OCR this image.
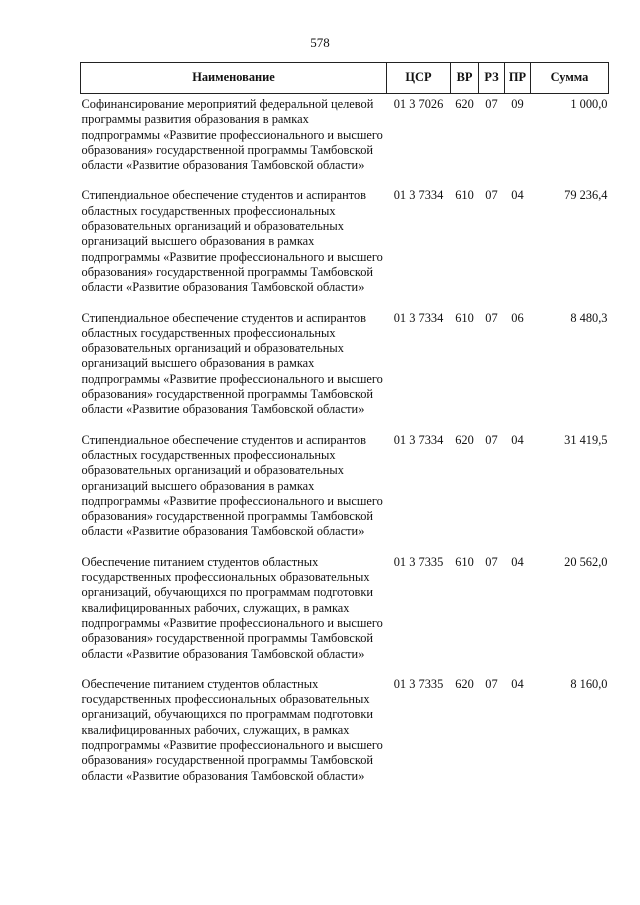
578
Наименование	ЦСР	ВР	РЗ	ПР	Сумма
Софинансирование мероприятий федеральной целевой программы развития образования в рамках подпрограммы «Развитие профессионального и высшего образования» государственной программы Тамбовской области «Развитие образования Тамбовской области»	01 3 7026	620	07	09	1 000,0
Стипендиальное обеспечение студентов и аспирантов областных государственных профессиональных образовательных организаций и образовательных организаций высшего образования в рамках подпрограммы «Развитие профессионального и высшего образования» государственной программы Тамбовской области «Развитие образования Тамбовской области»	01 3 7334	610	07	04	79 236,4
Стипендиальное обеспечение студентов и аспирантов областных государственных профессиональных образовательных организаций и образовательных организаций высшего образования в рамках подпрограммы «Развитие профессионального и высшего образования» государственной программы Тамбовской области «Развитие образования Тамбовской области»	01 3 7334	610	07	06	8 480,3
Стипендиальное обеспечение студентов и аспирантов областных государственных профессиональных образовательных организаций и образовательных организаций высшего образования в рамках подпрограммы «Развитие профессионального и высшего образования» государственной программы Тамбовской области «Развитие образования Тамбовской области»	01 3 7334	620	07	04	31 419,5
Обеспечение питанием студентов областных государственных профессиональных образовательных организаций, обучающихся по программам подготовки квалифицированных рабочих, служащих, в рамках подпрограммы «Развитие профессионального и высшего образования» государственной программы Тамбовской области «Развитие образования Тамбовской области»	01 3 7335	610	07	04	20 562,0
Обеспечение питанием студентов областных государственных профессиональных образовательных организаций, обучающихся по программам подготовки квалифицированных рабочих, служащих, в рамках подпрограммы «Развитие профессионального и высшего образования» государственной программы Тамбовской области «Развитие образования Тамбовской области»	01 3 7335	620	07	04	8 160,0
